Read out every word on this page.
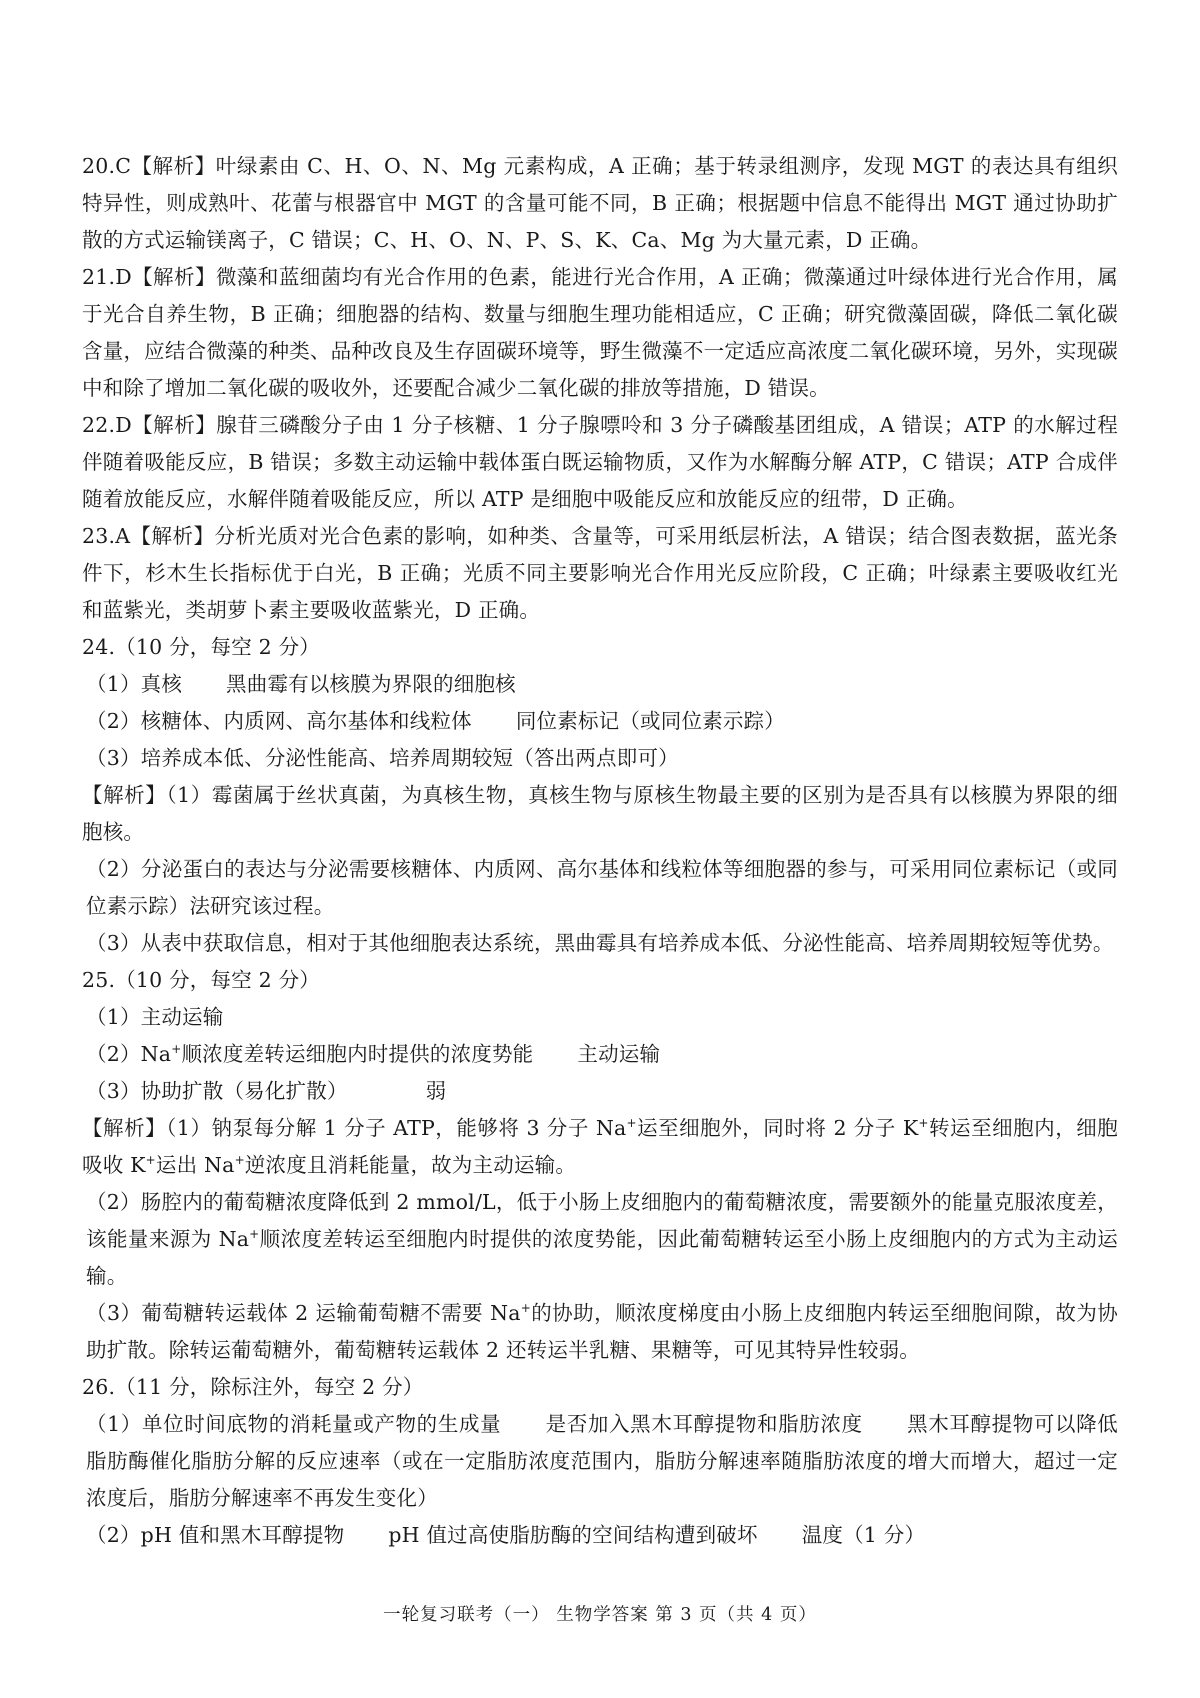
20.C【解析】叶绿素由 C、H、O、N、Mg 元素构成，A 正确；基于转录组测序，发现 MGT 的表达具有组织特异性，则成熟叶、花蕾与根器官中 MGT 的含量可能不同，B 正确；根据题中信息不能得出 MGT 通过协助扩散的方式运输镁离子，C 错误；C、H、O、N、P、S、K、Ca、Mg 为大量元素，D 正确。

21.D【解析】微藻和蓝细菌均有光合作用的色素，能进行光合作用，A 正确；微藻通过叶绿体进行光合作用，属于光合自养生物，B 正确；细胞器的结构、数量与细胞生理功能相适应，C 正确；研究微藻固碳，降低二氧化碳含量，应结合微藻的种类、品种改良及生存固碳环境等，野生微藻不一定适应高浓度二氧化碳环境，另外，实现碳中和除了增加二氧化碳的吸收外，还要配合减少二氧化碳的排放等措施，D 错误。

22.D【解析】腺苷三磷酸分子由 1 分子核糖、1 分子腺嘌呤和 3 分子磷酸基团组成，A 错误；ATP 的水解过程伴随着吸能反应，B 错误；多数主动运输中载体蛋白既运输物质，又作为水解酶分解 ATP，C 错误；ATP 合成伴随着放能反应，水解伴随着吸能反应，所以 ATP 是细胞中吸能反应和放能反应的纽带，D 正确。

23.A【解析】分析光质对光合色素的影响，如种类、含量等，可采用纸层析法，A 错误；结合图表数据，蓝光条件下，杉木生长指标优于白光，B 正确；光质不同主要影响光合作用光反应阶段，C 正确；叶绿素主要吸收红光和蓝紫光，类胡萝卜素主要吸收蓝紫光，D 正确。

24.（10 分，每空 2 分）

（1）真核 黑曲霉有以核膜为界限的细胞核

（2）核糖体、内质网、高尔基体和线粒体 同位素标记（或同位素示踪）

（3）培养成本低、分泌性能高、培养周期较短（答出两点即可）

【解析】（1）霉菌属于丝状真菌，为真核生物，真核生物与原核生物最主要的区别为是否具有以核膜为界限的细胞核。

（2）分泌蛋白的表达与分泌需要核糖体、内质网、高尔基体和线粒体等细胞器的参与，可采用同位素标记（或同位素示踪）法研究该过程。

（3）从表中获取信息，相对于其他细胞表达系统，黑曲霉具有培养成本低、分泌性能高、培养周期较短等优势。

25.（10 分，每空 2 分）

（1）主动运输

（2）Na+顺浓度差转运细胞内时提供的浓度势能 主动运输

（3）协助扩散（易化扩散）	弱

【解析】（1）钠泵每分解 1 分子 ATP，能够将 3 分子 Na+运至细胞外，同时将 2 分子 K+转运至细胞内，细胞吸收 K+运出 Na+逆浓度且消耗能量，故为主动运输。

（2）肠腔内的葡萄糖浓度降低到 2 mmol/L，低于小肠上皮细胞内的葡萄糖浓度，需要额外的能量克服浓度差，该能量来源为 Na+顺浓度差转运至细胞内时提供的浓度势能，因此葡萄糖转运至小肠上皮细胞内的方式为主动运输。

（3）葡萄糖转运载体 2 运输葡萄糖不需要 Na+的协助，顺浓度梯度由小肠上皮细胞内转运至细胞间隙，故为协助扩散。除转运葡萄糖外，葡萄糖转运载体 2 还转运半乳糖、果糖等，可见其特异性较弱。

26.（11 分，除标注外，每空 2 分）

（1）单位时间底物的消耗量或产物的生成量 是否加入黑木耳醇提物和脂肪浓度 黑木耳醇提物可以降低脂肪酶催化脂肪分解的反应速率（或在一定脂肪浓度范围内，脂肪分解速率随脂肪浓度的增大而增大，超过一定浓度后，脂肪分解速率不再发生变化）

（2）pH 值和黑木耳醇提物 pH 值过高使脂肪酶的空间结构遭到破坏 温度（1 分）

一轮复习联考（一） 生物学答案 第 3 页（共 4 页）
